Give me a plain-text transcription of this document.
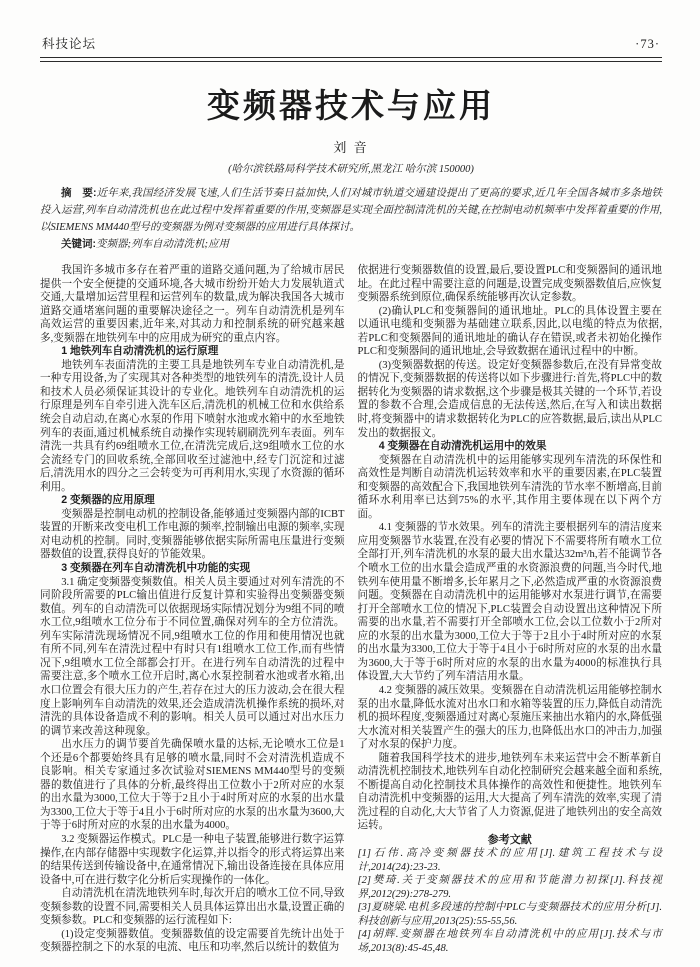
科技论坛	·73·
变频器技术与应用
刘 音
(哈尔滨铁路局科学技术研究所,黑龙江 哈尔滨 150000)

摘　要:近年来,我国经济发展飞速,人们生活节奏日益加快,人们对城市轨道交通建设提出了更高的要求,近几年全国各城市多条地铁投入运营,列车自动清洗机也在此过程中发挥着重要的作用,变频器是实现全面控制清洗机的关键,在控制电动机频率中发挥着重要的作用,以SIEMENS MM440型号的变频器为例对变频器的应用进行具体探讨。

关键词:变频器;列车自动清洗机;应用

我国许多城市多存在着严重的道路交通问题,为了给城市居民提供一个安全便捷的交通环境,各大城市纷纷开始大力发展轨道式交通,大量增加运营里程和运营列车的数量,成为解决我国各大城市道路交通堵塞问题的重要解决途径之一。列车自动清洗机是列车高效运营的重要因素,近年来,对其动力和控制系统的研究越来越多,变频器在地铁列车中的应用成为研究的重点内容。

1 地铁列车自动清洗机的运行原理

地铁列车表面清洗的主要工具是地铁列车专业自动清洗机,是一种专用设备,为了实现其对各种类型的地铁列车的清洗,设计人员和技术人员必须保证其设计的专业化。地铁列车自动清洗机的运行原理是列车自牵引进入洗车区后,清洗机的机械工位和水供给系统会自动启动,在离心水泵的作用下喷射水池或水箱中的水至地铁列车的表面,通过机械系统自动操作实现转刷刷洗列车表面。列车清洗一共具有约69组喷水工位,在清洗完成后,这9组喷水工位的水会流经专门的回收系统,全部回收至过滤池中,经专门沉淀和过滤后,清洗用水的四分之三会转变为可再利用水,实现了水资源的循环利用。

2 变频器的应用原理

变频器是控制电动机的控制设备,能够通过变频器内部的ICBT装置的开断来改变电机工作电源的频率,控制输出电源的频率,实现对电动机的控制。同时,变频器能够依据实际所需电压量进行变频器数值的设置,获得良好的节能效果。

3 变频器在列车自动清洗机中功能的实现

3.1 确定变频器变频数值。相关人员主要通过对列车清洗的不同阶段所需要的PLC输出值进行反复计算和实验得出变频器变频数值。列车的自动清洗可以依据现场实际情况划分为9组不同的喷水工位,9组喷水工位分布于不同位置,确保对列车的全方位清洗。列车实际清洗现场情况不同,9组喷水工位的作用和使用情况也就有所不同,列车在清洗过程中有时只有1组喷水工位工作,而有些情况下,9组喷水工位全部都会打开。在进行列车自动清洗的过程中需要注意,多个喷水工位开启时,离心水泵控制着水池或者水箱,出水口位置会有很大压力的产生,若存在过大的压力波动,会在很大程度上影响列车自动清洗的效果,还会造成清洗机操作系统的损坏,对清洗的具体设备造成不利的影响。相关人员可以通过对出水压力的调节来改善这种现象。

出水压力的调节要首先确保喷水量的达标,无论喷水工位是1个还是6个都要始终具有足够的喷水量,同时不会对清洗机造成不良影响。相关专家通过多次试验对SIEMENS MM440型号的变频器的数值进行了具体的分析,最终得出工位数小于2所对应的水泵的出水量为3000,工位大于等于2且小于4时所对应的水泵的出水量为3300,工位大于等于4且小于6时所对应的水泵的出水量为3600,大于等于6时所对应的水泵的出水量为4000。

3.2 变频器运作模式。PLC是一种电子装置,能够进行数字运算操作,在内部存储器中实现数字化运算,并以指令的形式将运算出来的结果传送到传输设备中,在通常情况下,输出设备连接在具体应用设备中,可在进行数字化分析后实现操作的一体化。

自动清洗机在清洗地铁列车时,每次开启的喷水工位不同,导致变频参数的设置不同,需要相关人员具体运算出出水量,设置正确的变频参数。PLC和变频器的运行流程如下:

(1)设定变频器数值。变频器数值的设定需要首先统计出处于变频器控制之下的水泵的电流、电压和功率,然后以统计的数值为

依据进行变频器数值的设置,最后,要设置PLC和变频器间的通讯地址。在此过程中需要注意的问题是,设置完成变频器数值后,应恢复变频器系统到原位,确保系统能够再次认定参数。

(2)确认PLC和变频器间的通讯地址。PLC的具体设置主要在以通讯电缆和变频器为基础建立联系,因此,以电缆的特点为依据,若PLC和变频器间的通讯地址的确认存在错误,或者未初始化操作PLC和变频器间的通讯地址,会导致数据在通讯过程中的中断。

(3)变频器数据的传送。设定好变频器参数后,在没有异常变故的情况下,变频器数据的传送将以如下步骤进行:首先,将PLC中的数据转化为变频器的请求数据,这个步骤是极其关键的一个环节,若设置的参数不合理,会造成信息的无法传送,然后,在写入和读出数据时,将变频器中的请求数据转化为PLC的应答数据,最后,读出从PLC发出的数据报文。

4 变频器在自动清洗机运用中的效果

变频器在自动清洗机中的运用能够实现列车清洗的环保性和高效性是判断自动清洗机运转效率和水平的重要因素,在PLC装置和变频器的高效配合下,我国地铁列车清洗的节水率不断增高,目前循环水利用率已达到75%的水平,其作用主要体现在以下两个方面。

4.1 变频器的节水效果。列车的清洗主要根据列车的清洁度来应用变频器节水装置,在没有必要的情况下不需要将所有喷水工位全部打开,列车清洗机的水泵的最大出水量达32m³/h,若不能调节各个喷水工位的出水量会造成严重的水资源浪费的问题,当今时代,地铁列车使用量不断增多,长年累月之下,必然造成严重的水资源浪费问题。变频器在自动清洗机中的运用能够对水泵进行调节,在需要打开全部喷水工位的情况下,PLC装置会自动设置出这种情况下所需要的出水量,若不需要打开全部喷水工位,会以工位数小于2所对应的水泵的出水量为3000,工位大于等于2且小于4时所对应的水泵的出水量为3300,工位大于等于4且小于6时所对应的水泵的出水量为3600,大于等于6时所对应的水泵的出水量为4000的标准执行具体设置,大大节约了列车清洁用水量。

4.2 变频器的减压效果。变频器在自动清洗机运用能够控制水泵的出水量,降低水流对出水口和水箱等装置的压力,降低自动清洗机的损坏程度,变频器通过对离心泵施压来抽出水箱内的水,降低强大水流对相关装置产生的强大的压力,也降低出水口的冲击力,加强了对水泵的保护力度。

随着我国科学技术的进步,地铁列车未来运营中会不断革新自动清洗机控制技术,地铁列车自动化控制研究会越来越全面和系统,不断提高自动化控制技术具体操作的高效性和便捷性。地铁列车自动清洗机中变频器的运用,大大提高了列车清洗的效率,实现了清洗过程的自动化,大大节省了人力资源,促进了地铁列出的安全高效运转。

参考文献

[1]石伟.高冷变频器技术的应用[J].建筑工程技术与设计,2014(24):23-23.

[2]樊琦.关于变频器技术的应用和节能潜力初探[J].科技视界,2012(29):278-279.

[3]夏晓梁.电机多段速的控制中PLC与变频器技术的应用分析[J].科技创新与应用,2013(25):55-55,56.

[4]胡辉.变频器在地铁列车自动清洗机中的应用[J].技术与市场,2013(8):45-45,48.
